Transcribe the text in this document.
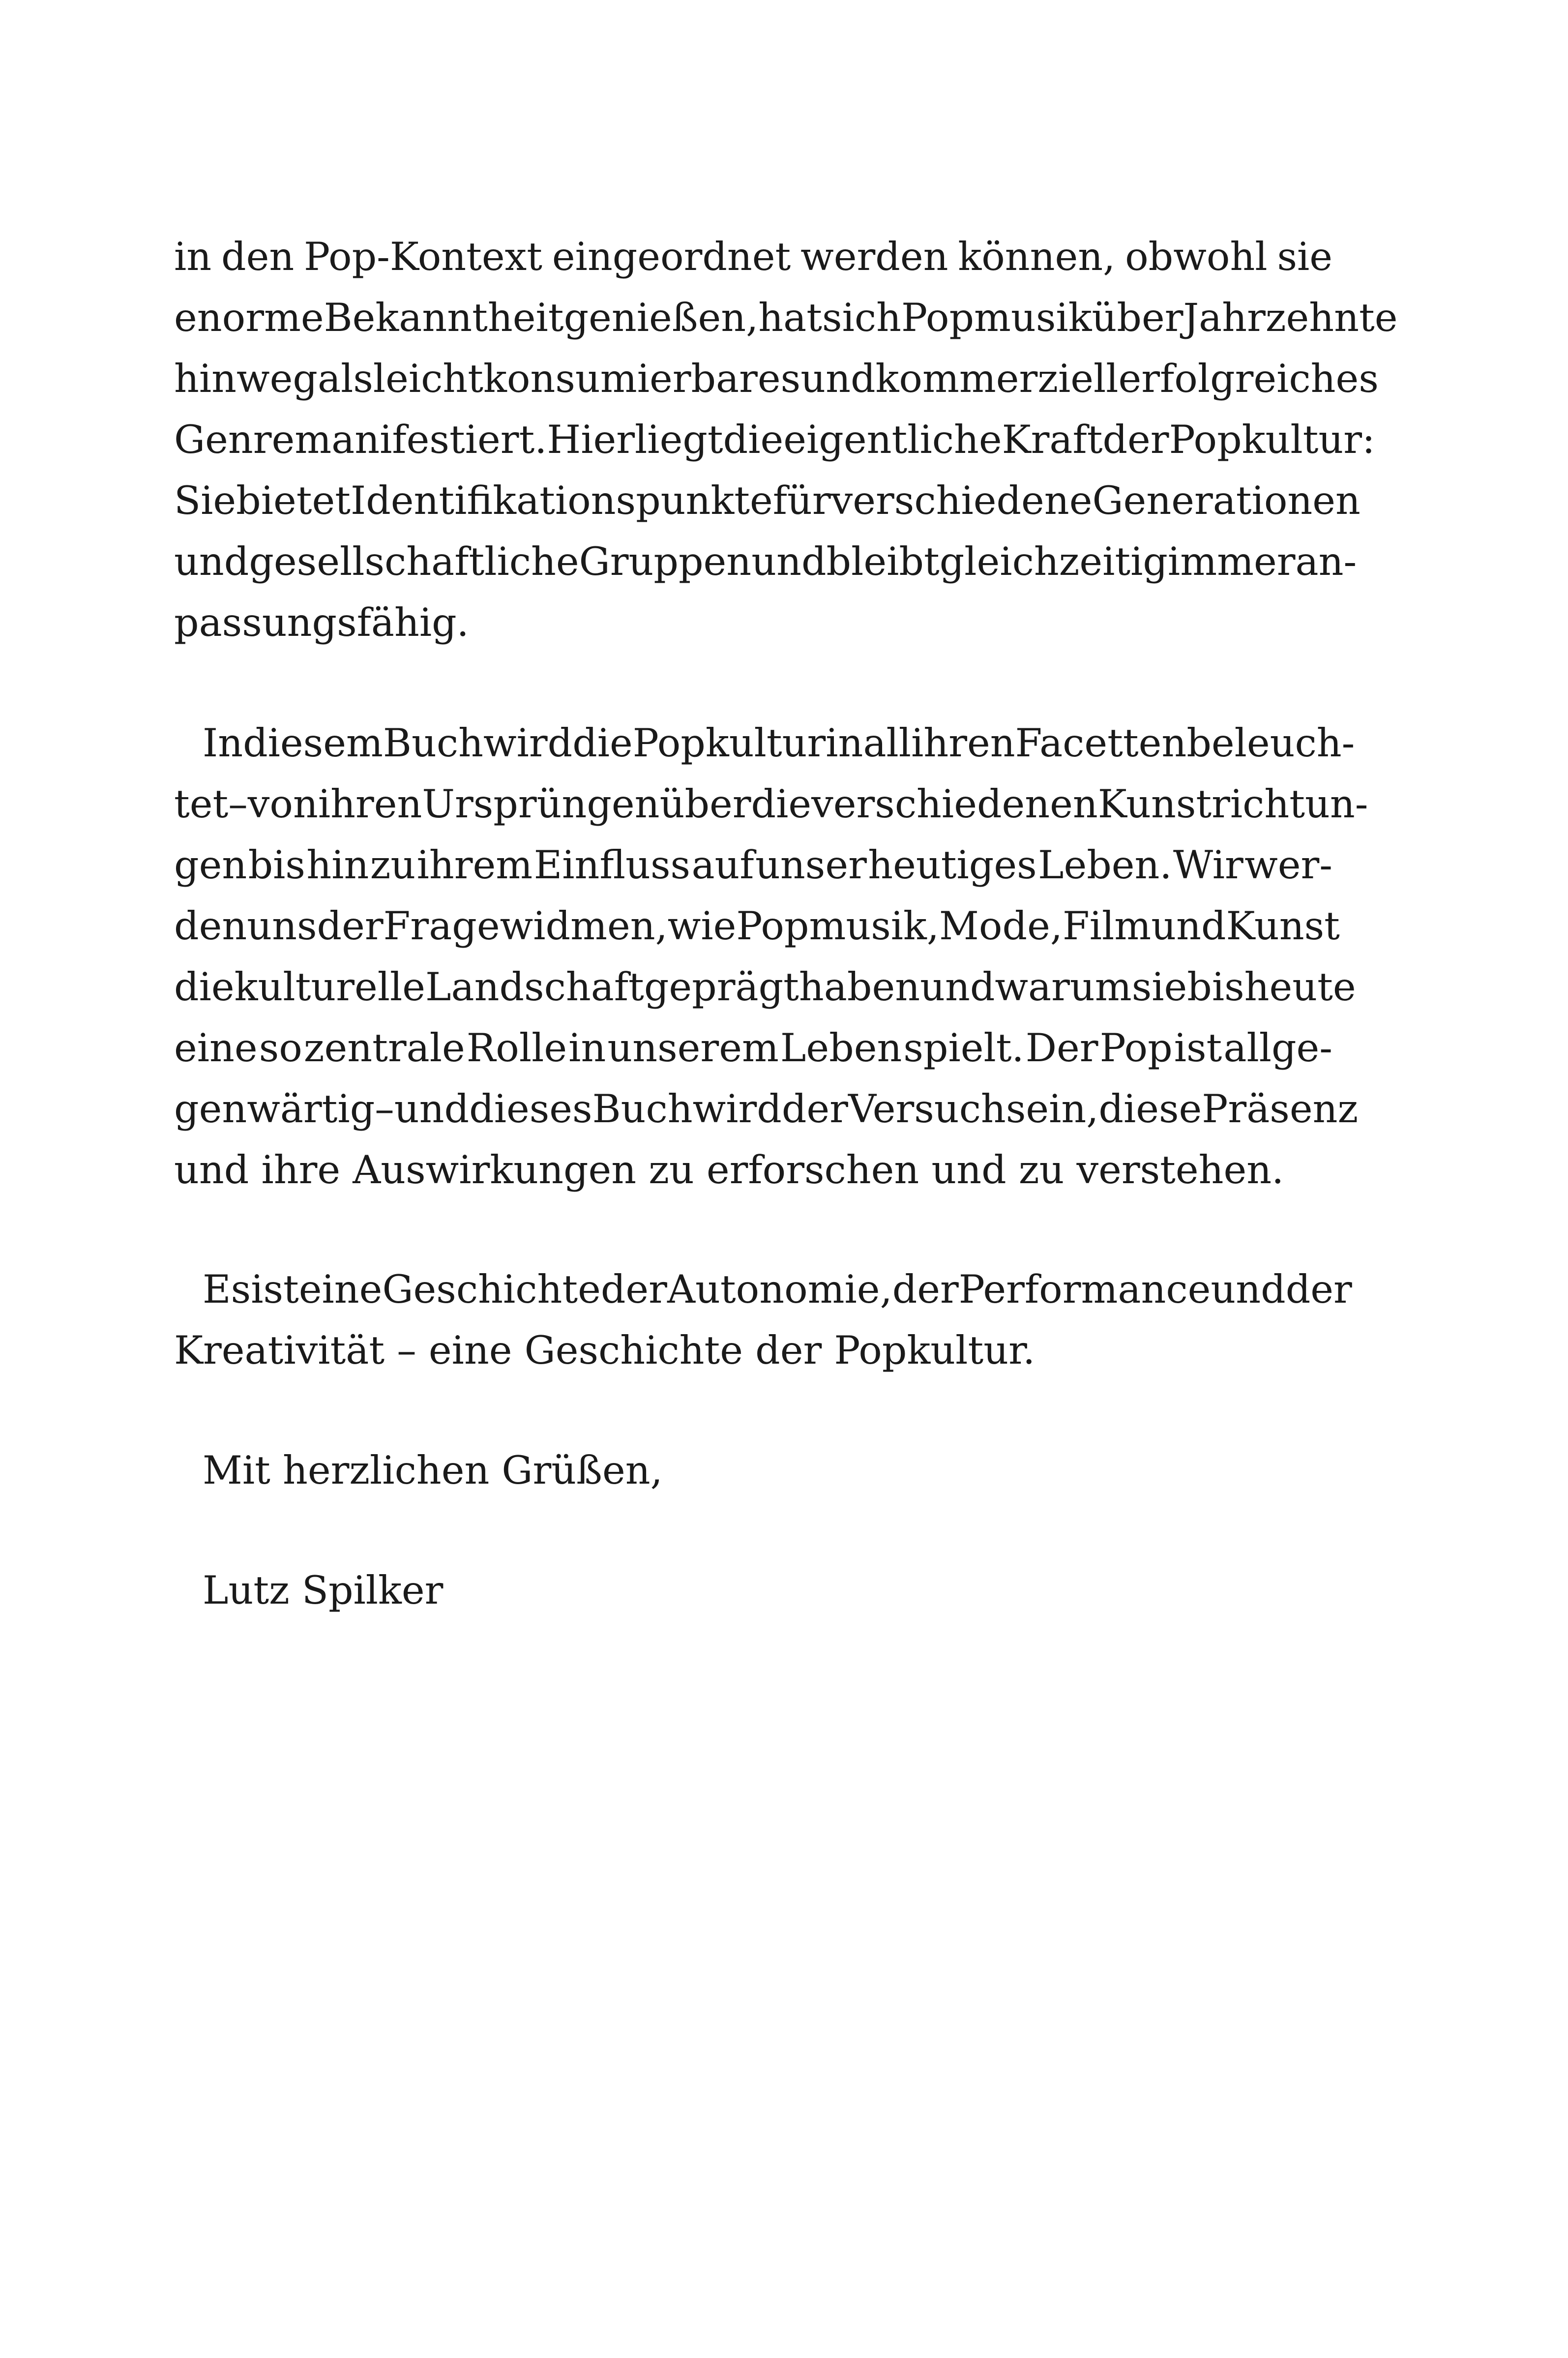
in den Pop-Kontext eingeordnet werden können, obwohl sie
enorme Bekanntheit genießen, hat sich Popmusik über Jahrzehnte
hinweg als leicht konsumierbares und kommerziell erfolgreiches
Genre manifestiert. Hier liegt die eigentliche Kraft der Popkultur:
Sie bietet Identifikationspunkte für verschiedene Generationen
und gesellschaftliche Gruppen und bleibt gleichzeitig immer an-
passungsfähig.
In diesem Buch wird die Popkultur in all ihren Facetten beleuch-
tet – von ihren Ursprüngen über die verschiedenen Kunstrichtun-
gen bis hin zu ihrem Einfluss auf unser heutiges Leben. Wir wer-
den uns der Frage widmen, wie Popmusik, Mode, Film und Kunst
die kulturelle Landschaft geprägt haben und warum sie bis heute
eine so zentrale Rolle in unserem Leben spielt. Der Pop ist allge-
genwärtig – und dieses Buch wird der Versuch sein, diese Präsenz
und ihre Auswirkungen zu erforschen und zu verstehen.
Es ist eine Geschichte der Autonomie, der Performance und der
Kreativität – eine Geschichte der Popkultur.
Mit herzlichen Grüßen,
Lutz Spilker
